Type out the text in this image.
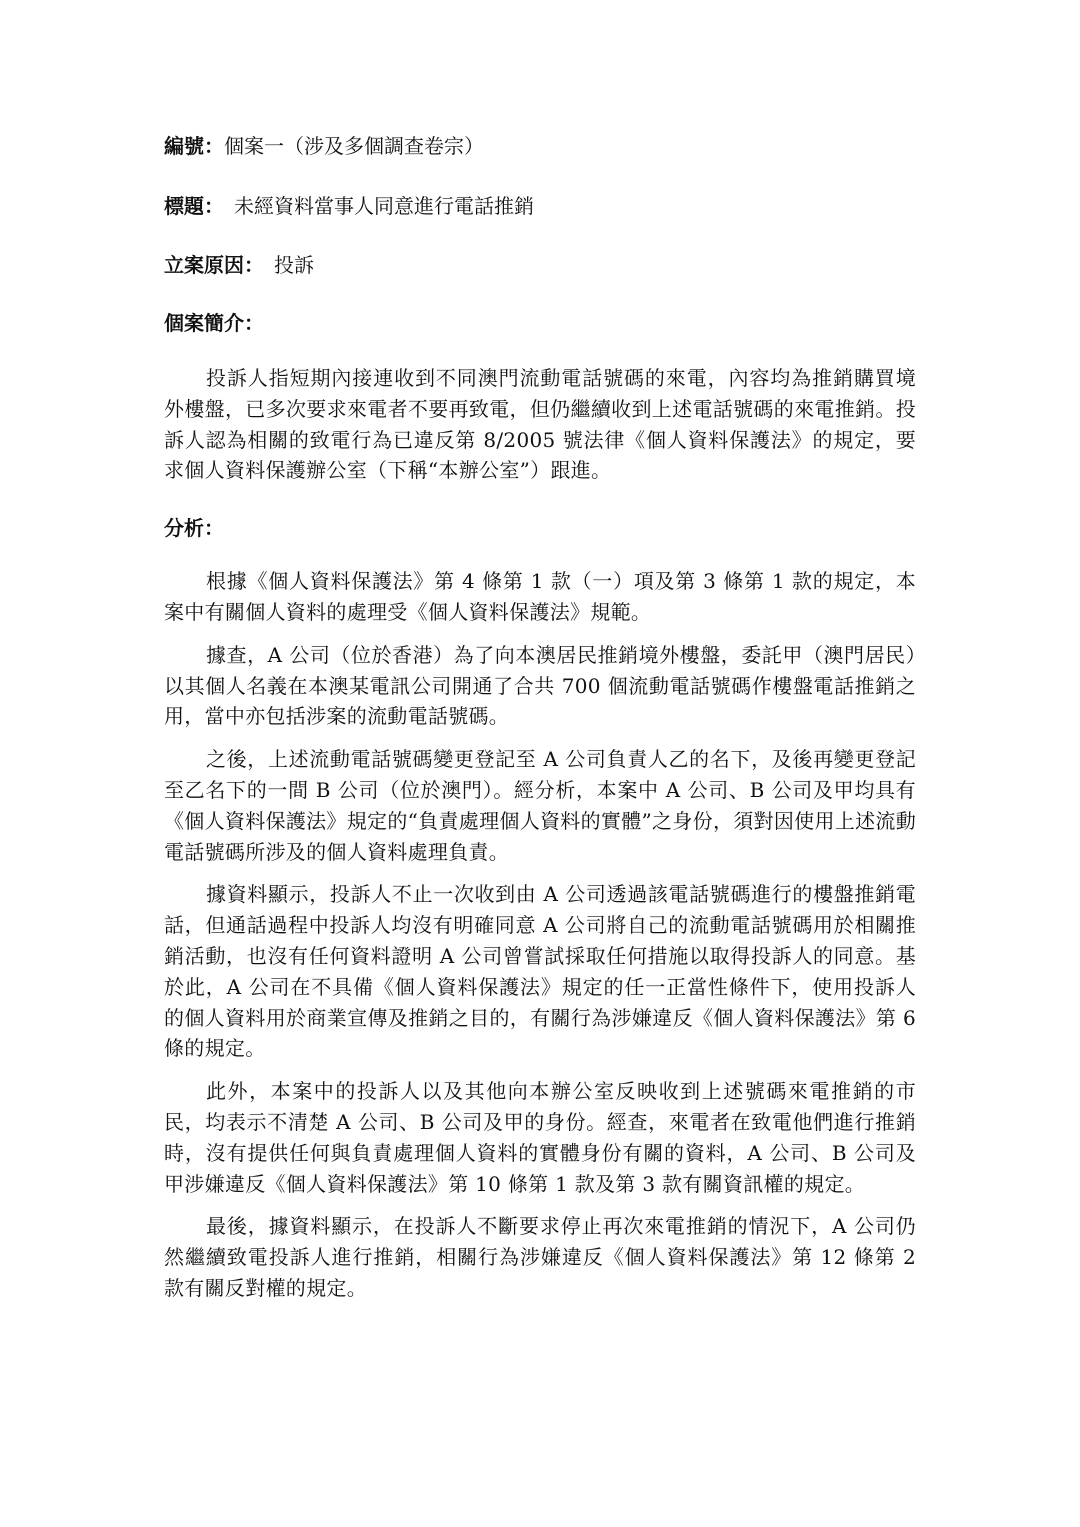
編號：個案一（涉及多個調查卷宗）

標題： 未經資料當事人同意進行電話推銷

立案原因： 投訴

個案簡介：

投訴人指短期內接連收到不同澳門流動電話號碼的來電，內容均為推銷購買境外樓盤，已多次要求來電者不要再致電，但仍繼續收到上述電話號碼的來電推銷。投訴人認為相關的致電行為已違反第 8/2005 號法律《個人資料保護法》的規定，要求個人資料保護辦公室（下稱“本辦公室”）跟進。

分析：

根據《個人資料保護法》第 4 條第 1 款（一）項及第 3 條第 1 款的規定，本案中有關個人資料的處理受《個人資料保護法》規範。

據查，A 公司（位於香港）為了向本澳居民推銷境外樓盤，委託甲（澳門居民）以其個人名義在本澳某電訊公司開通了合共 700 個流動電話號碼作樓盤電話推銷之用，當中亦包括涉案的流動電話號碼。

之後，上述流動電話號碼變更登記至 A 公司負責人乙的名下，及後再變更登記至乙名下的一間 B 公司（位於澳門）。經分析，本案中 A 公司、B 公司及甲均具有《個人資料保護法》規定的“負責處理個人資料的實體”之身份，須對因使用上述流動電話號碼所涉及的個人資料處理負責。

據資料顯示，投訴人不止一次收到由 A 公司透過該電話號碼進行的樓盤推銷電話，但通話過程中投訴人均沒有明確同意 A 公司將自己的流動電話號碼用於相關推銷活動，也沒有任何資料證明 A 公司曾嘗試採取任何措施以取得投訴人的同意。基於此，A 公司在不具備《個人資料保護法》規定的任一正當性條件下，使用投訴人的個人資料用於商業宣傳及推銷之目的，有關行為涉嫌違反《個人資料保護法》第 6 條的規定。

此外，本案中的投訴人以及其他向本辦公室反映收到上述號碼來電推銷的市民，均表示不清楚 A 公司、B 公司及甲的身份。經查，來電者在致電他們進行推銷時，沒有提供任何與負責處理個人資料的實體身份有關的資料，A 公司、B 公司及甲涉嫌違反《個人資料保護法》第 10 條第 1 款及第 3 款有關資訊權的規定。

最後，據資料顯示，在投訴人不斷要求停止再次來電推銷的情況下，A 公司仍然繼續致電投訴人進行推銷，相關行為涉嫌違反《個人資料保護法》第 12 條第 2 款有關反對權的規定。
